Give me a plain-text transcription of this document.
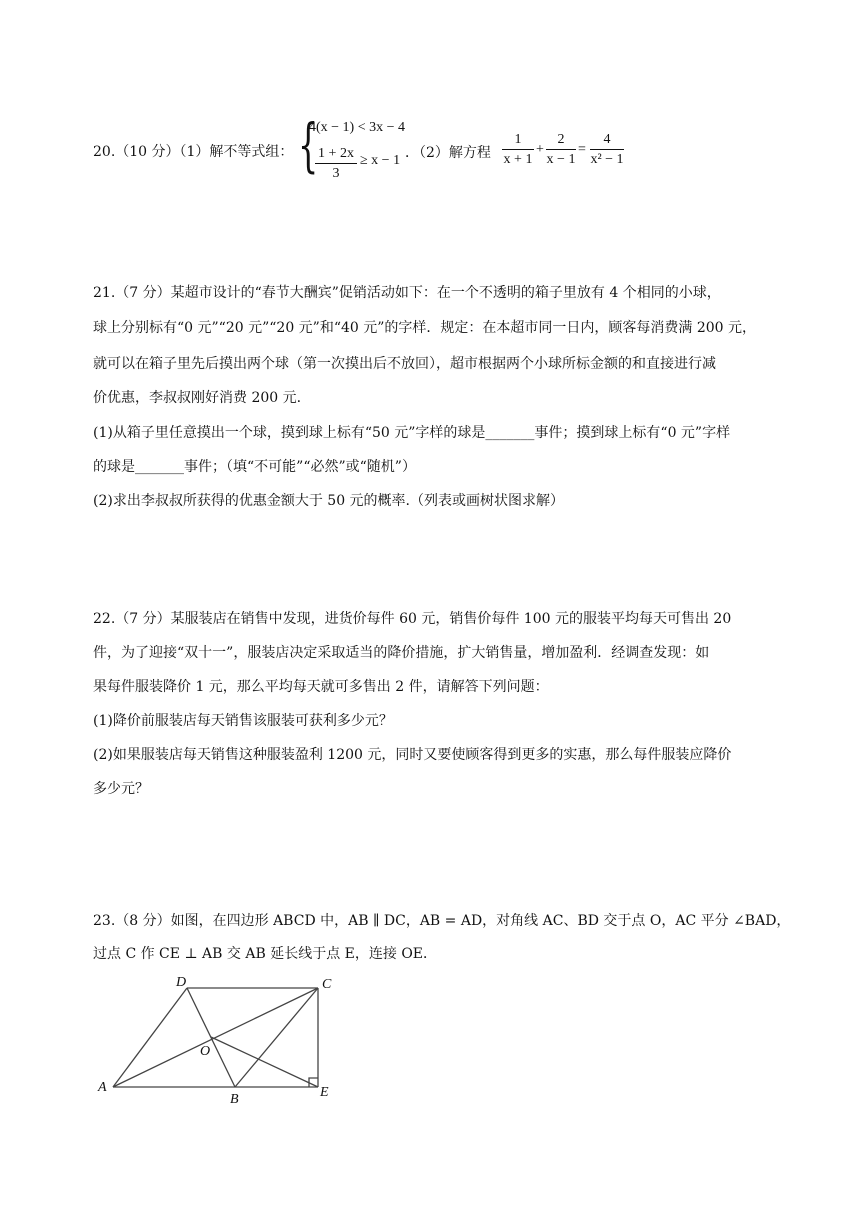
20.（10 分）（1）解不等式组： {
4(x − 1) < 3x − 4
1 + 2x
3
≥ x − 1 ．（2）解方程
1
x + 1
+
2
x − 1
=
4
x² − 1
21.（7 分）某超市设计的“春节大酬宾”促销活动如下：在一个不透明的箱子里放有 4 个相同的小球，
球上分别标有“0 元”“20 元”“20 元”和“40 元”的字样．规定：在本超市同一日内，顾客每消费满 200 元，
就可以在箱子里先后摸出两个球（第一次摸出后不放回），超市根据两个小球所标金额的和直接进行减
价优惠，李叔叔刚好消费 200 元.
(1)从箱子里任意摸出一个球，摸到球上标有“50 元”字样的球是_______事件；摸到球上标有“0 元”字样
的球是_______事件；（填“不可能”“必然”或“随机”）
(2)求出李叔叔所获得的优惠金额大于 50 元的概率.（列表或画树状图求解）
22.（7 分）某服装店在销售中发现，进货价每件 60 元，销售价每件 100 元的服装平均每天可售出 20
件，为了迎接“双十一”，服装店决定采取适当的降价措施，扩大销售量，增加盈利．经调查发现：如
果每件服装降价 1 元，那么平均每天就可多售出 2 件，请解答下列问题：
(1)降价前服装店每天销售该服装可获利多少元？
(2)如果服装店每天销售这种服装盈利 1200 元，同时又要使顾客得到更多的实惠，那么每件服装应降价
多少元？
23.（8 分）如图，在四边形 ABCD 中，AB ∥ DC，AB = AD，对角线 AC、BD 交于点 O，AC 平分 ∠BAD，
过点 C 作 CE ⊥ AB 交 AB 延长线于点 E，连接 OE．
D	C
O
A
B	E
